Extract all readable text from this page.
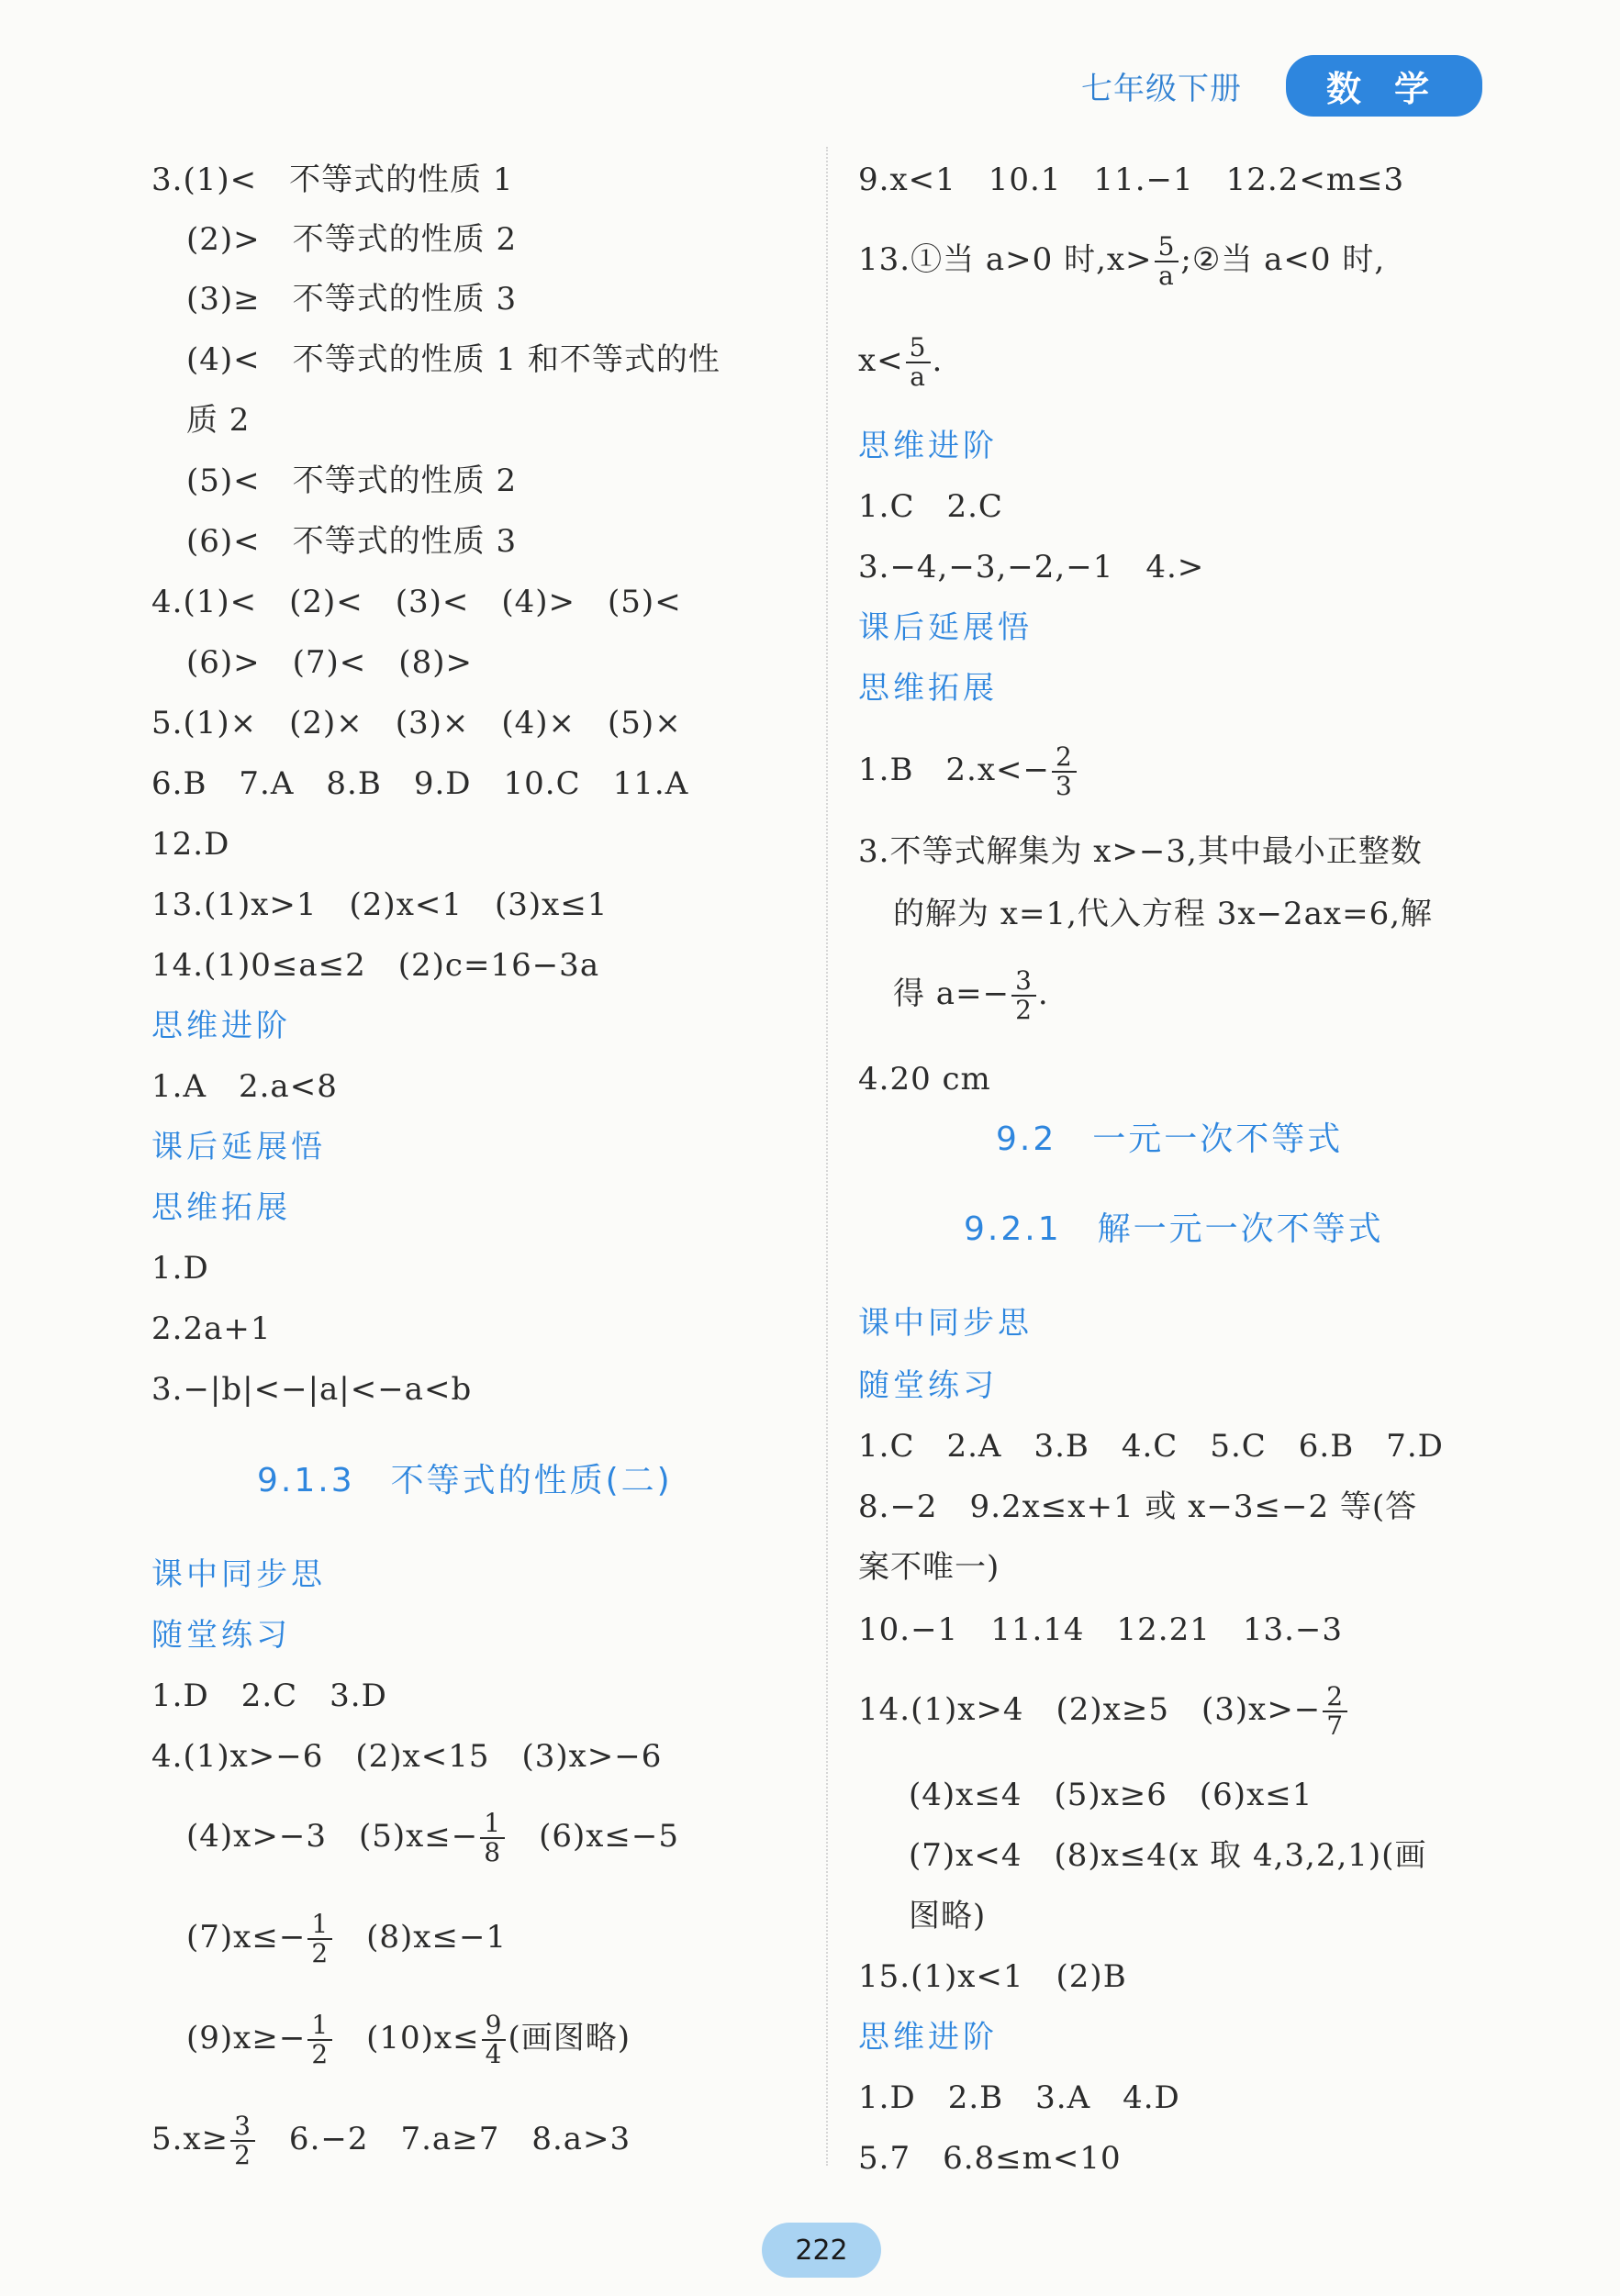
七年级下册	数学
3.(1)<　不等式的性质 1
(2)>　不等式的性质 2
(3)≥　不等式的性质 3
(4)<　不等式的性质 1 和不等式的性
质 2
(5)<　不等式的性质 2
(6)<　不等式的性质 3
4.(1)<　(2)<　(3)<　(4)>　(5)<
(6)>　(7)<　(8)>
5.(1)×　(2)×　(3)×　(4)×　(5)×
6.B　7.A　8.B　9.D　10.C　11.A
12.D
13.(1)x>1　(2)x<1　(3)x≤1
14.(1)0≤a≤2　(2)c=16−3a
思维进阶
1.A　2.a<8
课后延展悟
思维拓展
1.D
2.2a+1
3.−|b|<−|a|<−a<b
9.1.3　不等式的性质(二)
课中同步思
随堂练习
1.D　2.C　3.D
4.(1)x>−6　(2)x<15　(3)x>−6
(4)x>−3　$(5)x\le- \frac{1}{8}$ 　(6)x≤−5
$(7)x\le- \frac{1}{2}$ 　(8)x≤−1
$(9)x\ge- \frac{1}{2}$ 　$(10)x\le \frac{9}{4}$ (画图略)
$5.x\ge \frac{3}{2}$ 　6.−2　7.a≥7　8.a>3
9.x<1　10.1　11.−1　12.2<m≤3
13.①当 a>0 时$,x> \frac{5}{a}$ ;②当 a<0 时,
$x< \frac{5}{a}$ .
思维进阶
1.C　2.C
3.−4,−3,−2,−1　4.>
课后延展悟
思维拓展
1.B　$2.x<- \frac{2}{3}$
3.不等式解集为 x>−3,其中最小正整数
的解为 x=1,代入方程 3x−2ax=6,解
得 $a=- \frac{3}{2}$ .
4.20 cm
9.2　一元一次不等式
9.2.1　解一元一次不等式
课中同步思
随堂练习
1.C　2.A　3.B　4.C　5.C　6.B　7.D
8.−2　9.2x≤x+1 或 x−3≤−2 等(答
案不唯一)
10.−1　11.14　12.21　13.−3
14.(1)x>4　(2)x≥5　$(3)x>- \frac{2}{7}$
(4)x≤4　(5)x≥6　(6)x≤1
(7)x<4　(8)x≤4(x 取 4,3,2,1)(画
图略)
15.(1)x<1　(2)B
思维进阶
1.D　2.B　3.A　4.D
5.7　6.8≤m<10
222
